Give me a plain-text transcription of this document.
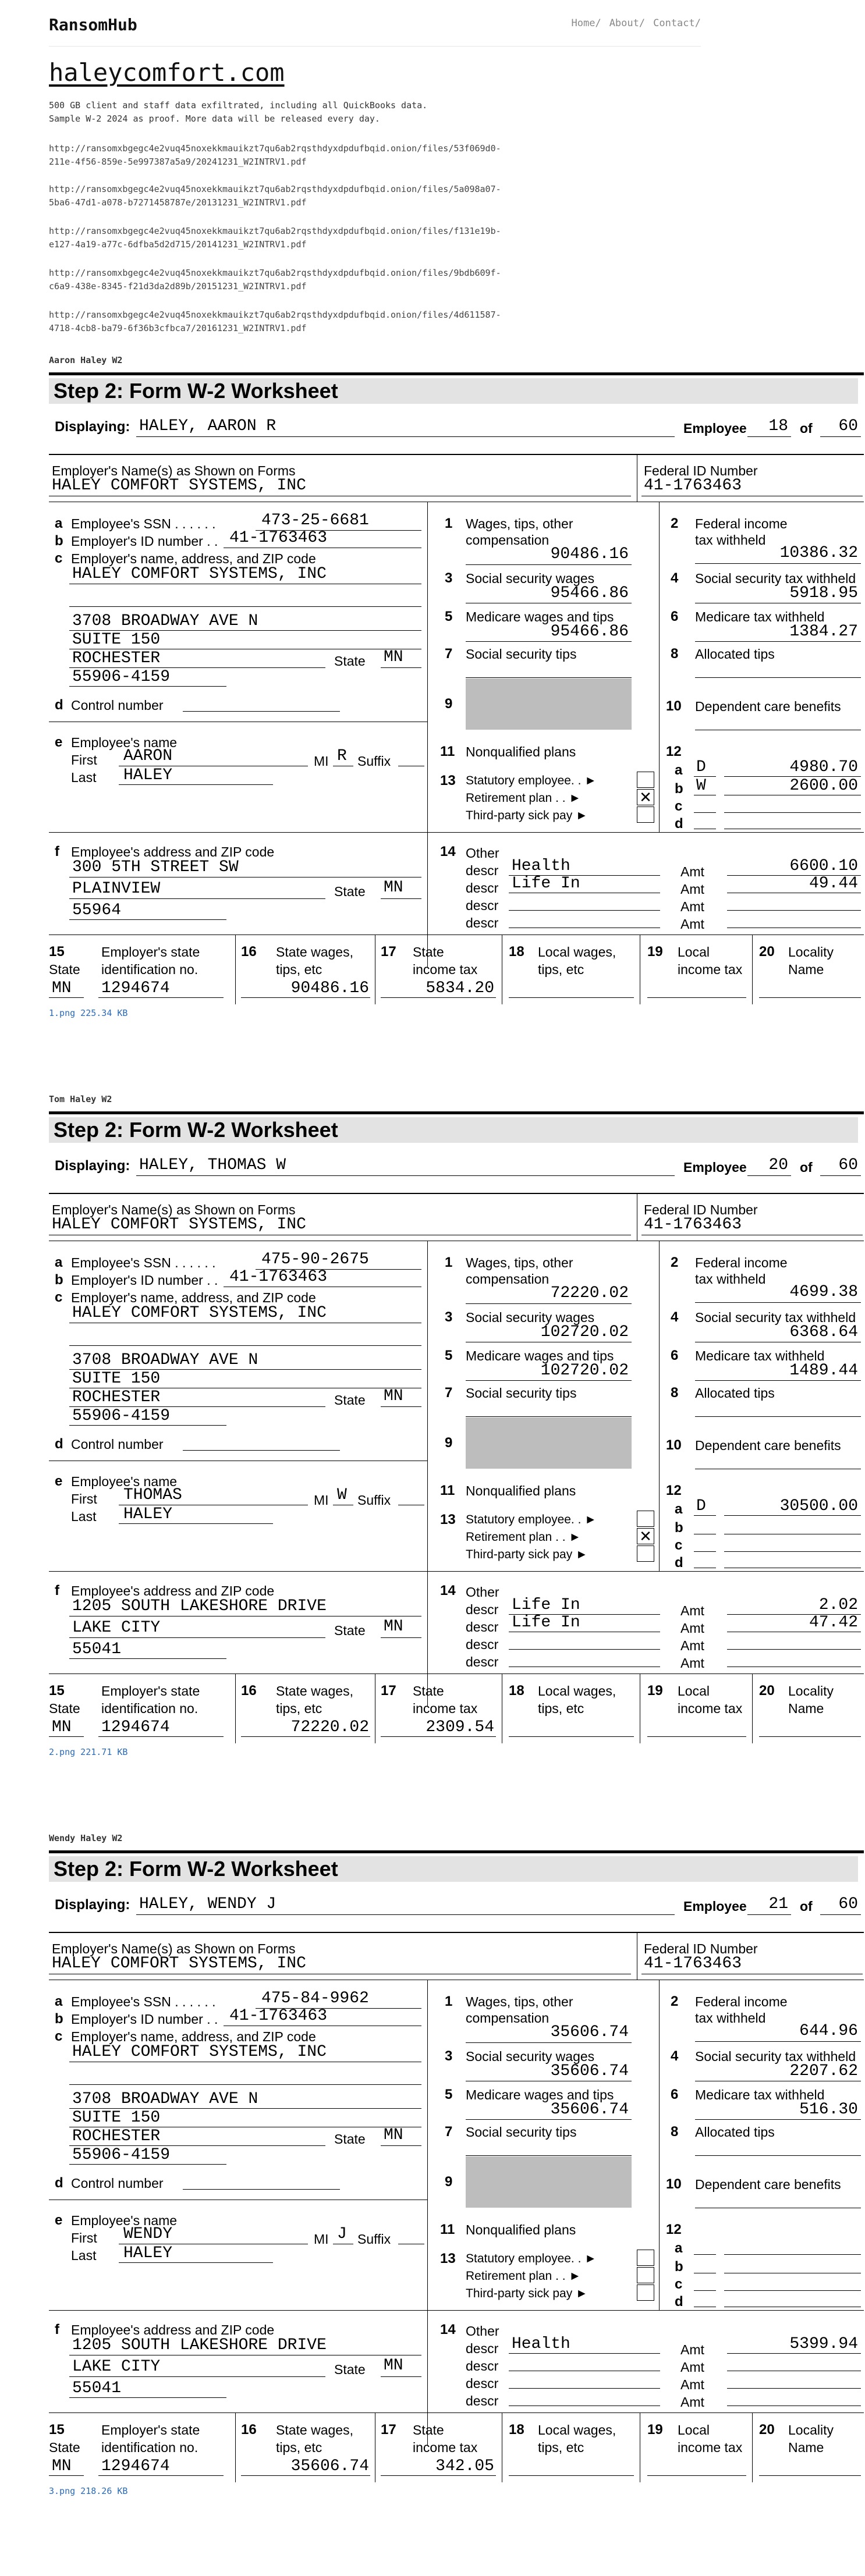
RansomHub	Home/ About/ Contact/
haleycomfort.com
500 GB client and staff data exfiltrated, including all QuickBooks data.
Sample W-2 2024 as proof. More data will be released every day.
http://ransomxbgegc4e2vuq45noxekkmauikzt7qu6ab2rqsthdyxdpdufbqid.onion/files/53f069d0-
211e-4f56-859e-5e997387a5a9/20241231_W2INTRV1.pdf
http://ransomxbgegc4e2vuq45noxekkmauikzt7qu6ab2rqsthdyxdpdufbqid.onion/files/5a098a07-
5ba6-47d1-a078-b7271458787e/20131231_W2INTRV1.pdf
http://ransomxbgegc4e2vuq45noxekkmauikzt7qu6ab2rqsthdyxdpdufbqid.onion/files/f131e19b-
e127-4a19-a77c-6dfba5d2d715/20141231_W2INTRV1.pdf
http://ransomxbgegc4e2vuq45noxekkmauikzt7qu6ab2rqsthdyxdpdufbqid.onion/files/9bdb609f-
c6a9-438e-8345-f21d3da2d89b/20151231_W2INTRV1.pdf
http://ransomxbgegc4e2vuq45noxekkmauikzt7qu6ab2rqsthdyxdpdufbqid.onion/files/4d611587-
4718-4cb8-ba79-6f36b3cfbca7/20161231_W2INTRV1.pdf
Aaron Haley W2
Step 2: Form W-2 Worksheet
Displaying: HALEY, AARON R	Employee	18 of	60
Employer's Name(s) as Shown on Forms
HALEY COMFORT SYSTEMS, INC
Federal ID Number
41-1763463
a Employee's SSN . . . . . .	473-25-6681
b Employer's ID number . . 41-1763463
c Employer's name, address, and ZIP code
HALEY COMFORT SYSTEMS, INC
3708 BROADWAY AVE N
SUITE 150
ROCHESTER	State MN
55906-4159
d Control number
e Employee's name
First AARON	MI R Suffix
Last HALEY
1 Wages, tips, other
compensation
90486.16
3 Social security wages
95466.86
5 Medicare wages and tips
95466.86
7 Social security tips
9
11 Nonqualified plans
13 Statutory employee. . ►
Retirement plan . . ►	✕
Third-party sick pay ►
2 Federal income
tax withheld
10386.32
4 Social security tax withheld
5918.95
6 Medicare tax withheld
1384.27
8 Allocated tips
10 Dependent care benefits
12
a D	4980.70
b W	2600.00
c
d
f Employee's address and ZIP code
300 5TH STREET SW
PLAINVIEW	State MN
55964
14 Other
descr Health	Amt	6600.10
descr Life In	Amt	49.44
descr	Amt
descr	Amt
15
State
Employer's state
identification no.
MN 1294674
16 State wages,
tips, etc
90486.16
17 State
income tax
5834.20
18 Local wages,
tips, etc
19 Local
income tax
20 Locality
Name
1.png 225.34 KB
Tom Haley W2
Step 2: Form W-2 Worksheet
Displaying: HALEY, THOMAS W	Employee	20 of	60
Employer's Name(s) as Shown on Forms
HALEY COMFORT SYSTEMS, INC
Federal ID Number
41-1763463
a Employee's SSN . . . . . .	475-90-2675
b Employer's ID number . . 41-1763463
c Employer's name, address, and ZIP code
HALEY COMFORT SYSTEMS, INC
3708 BROADWAY AVE N
SUITE 150
ROCHESTER	State MN
55906-4159
d Control number
e Employee's name
First THOMAS	MI W Suffix
Last HALEY
1 Wages, tips, other
compensation
72220.02
3 Social security wages
102720.02
5 Medicare wages and tips
102720.02
7 Social security tips
9
11 Nonqualified plans
13 Statutory employee. . ►
Retirement plan . . ►	✕
Third-party sick pay ►
2 Federal income
tax withheld
4699.38
4 Social security tax withheld
6368.64
6 Medicare tax withheld
1489.44
8 Allocated tips
10 Dependent care benefits
12
a D	30500.00
b
c
d
f Employee's address and ZIP code
1205 SOUTH LAKESHORE DRIVE
LAKE CITY	State MN
55041
14 Other
descr Life In	Amt	2.02
descr Life In	Amt	47.42
descr	Amt
descr	Amt
15
State
Employer's state
identification no.
MN 1294674
16 State wages,
tips, etc
72220.02
17 State
income tax
2309.54
18 Local wages,
tips, etc
19 Local
income tax
20 Locality
Name
2.png 221.71 KB
Wendy Haley W2
Step 2: Form W-2 Worksheet
Displaying: HALEY, WENDY J	Employee	21 of	60
Employer's Name(s) as Shown on Forms
HALEY COMFORT SYSTEMS, INC
Federal ID Number
41-1763463
a Employee's SSN . . . . . .	475-84-9962
b Employer's ID number . . 41-1763463
c Employer's name, address, and ZIP code
HALEY COMFORT SYSTEMS, INC
3708 BROADWAY AVE N
SUITE 150
ROCHESTER	State MN
55906-4159
d Control number
e Employee's name
First WENDY	MI J Suffix
Last HALEY
1 Wages, tips, other
compensation
35606.74
3 Social security wages
35606.74
5 Medicare wages and tips
35606.74
7 Social security tips
9
11 Nonqualified plans
13 Statutory employee. . ►
Retirement plan . . ►
Third-party sick pay ►
2 Federal income
tax withheld
644.96
4 Social security tax withheld
2207.62
6 Medicare tax withheld
516.30
8 Allocated tips
10 Dependent care benefits
12
a
b
c
d
f Employee's address and ZIP code
1205 SOUTH LAKESHORE DRIVE
LAKE CITY	State MN
55041
14 Other
descr Health	Amt	5399.94
descr	Amt
descr	Amt
descr	Amt
15
State
Employer's state
identification no.
MN 1294674
16 State wages,
tips, etc
35606.74
17 State
income tax
342.05
18 Local wages,
tips, etc
19 Local
income tax
20 Locality
Name
3.png 218.26 KB
